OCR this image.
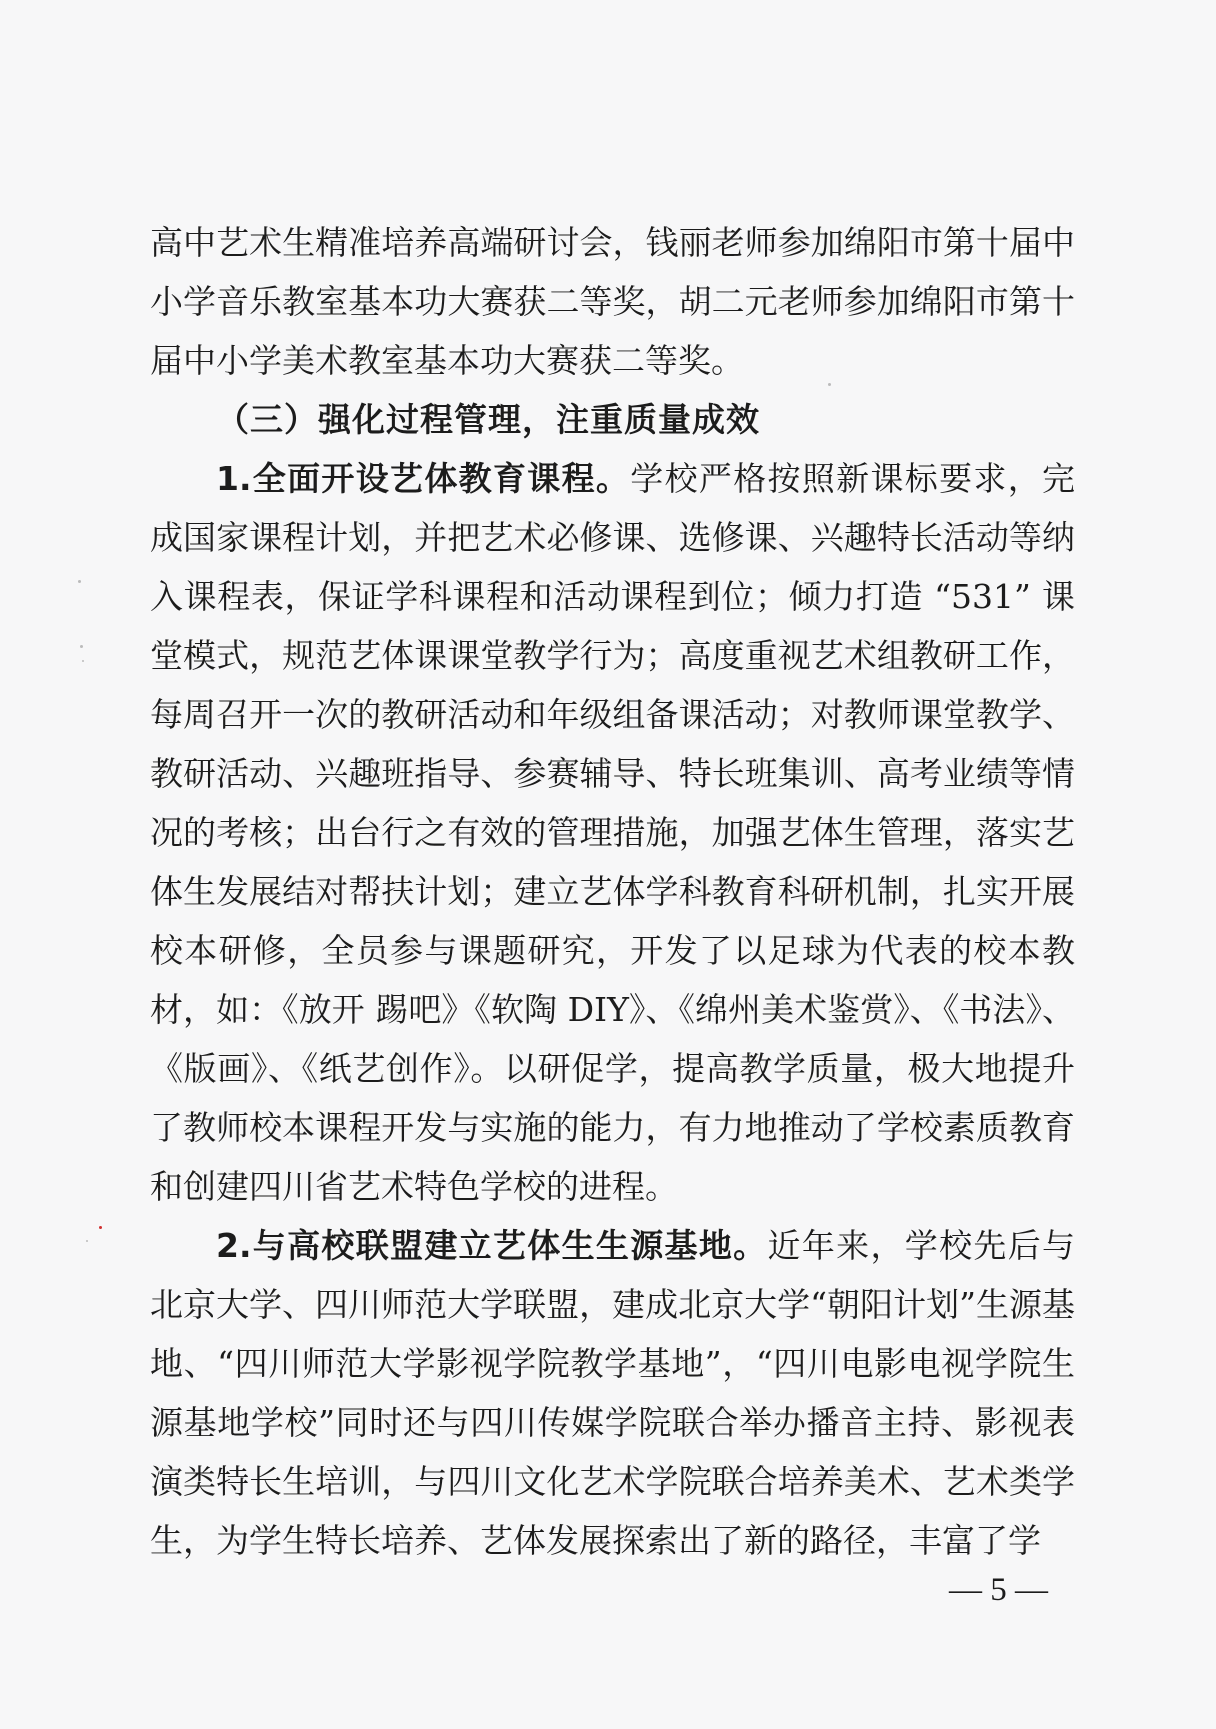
高中艺术生精准培养高端研讨会，钱丽老师参加绵阳市第十届中小学音乐教室基本功大赛获二等奖，胡二元老师参加绵阳市第十届中小学美术教室基本功大赛获二等奖。

（三）强化过程管理，注重质量成效

1.全面开设艺体教育课程。学校严格按照新课标要求，完成国家课程计划，并把艺术必修课、选修课、兴趣特长活动等纳入课程表，保证学科课程和活动课程到位；倾力打造 “531” 课堂模式，规范艺体课课堂教学行为；高度重视艺术组教研工作，每周召开一次的教研活动和年级组备课活动；对教师课堂教学、教研活动、兴趣班指导、参赛辅导、特长班集训、高考业绩等情况的考核；出台行之有效的管理措施，加强艺体生管理，落实艺体生发展结对帮扶计划；建立艺体学科教育科研机制，扎实开展校本研修，全员参与课题研究，开发了以足球为代表的校本教材，如：《放开 踢吧》《软陶 DIY》、《绵州美术鉴赏》、《书法》、《版画》、《纸艺创作》。以研促学，提高教学质量，极大地提升了教师校本课程开发与实施的能力，有力地推动了学校素质教育和创建四川省艺术特色学校的进程。

2.与高校联盟建立艺体生生源基地。近年来，学校先后与北京大学、四川师范大学联盟，建成北京大学“朝阳计划”生源基地、“四川师范大学影视学院教学基地”，“四川电影电视学院生源基地学校”同时还与四川传媒学院联合举办播音主持、影视表演类特长生培训，与四川文化艺术学院联合培养美术、艺术类学生，为学生特长培养、艺体发展探索出了新的路径，丰富了学

— 5 —
